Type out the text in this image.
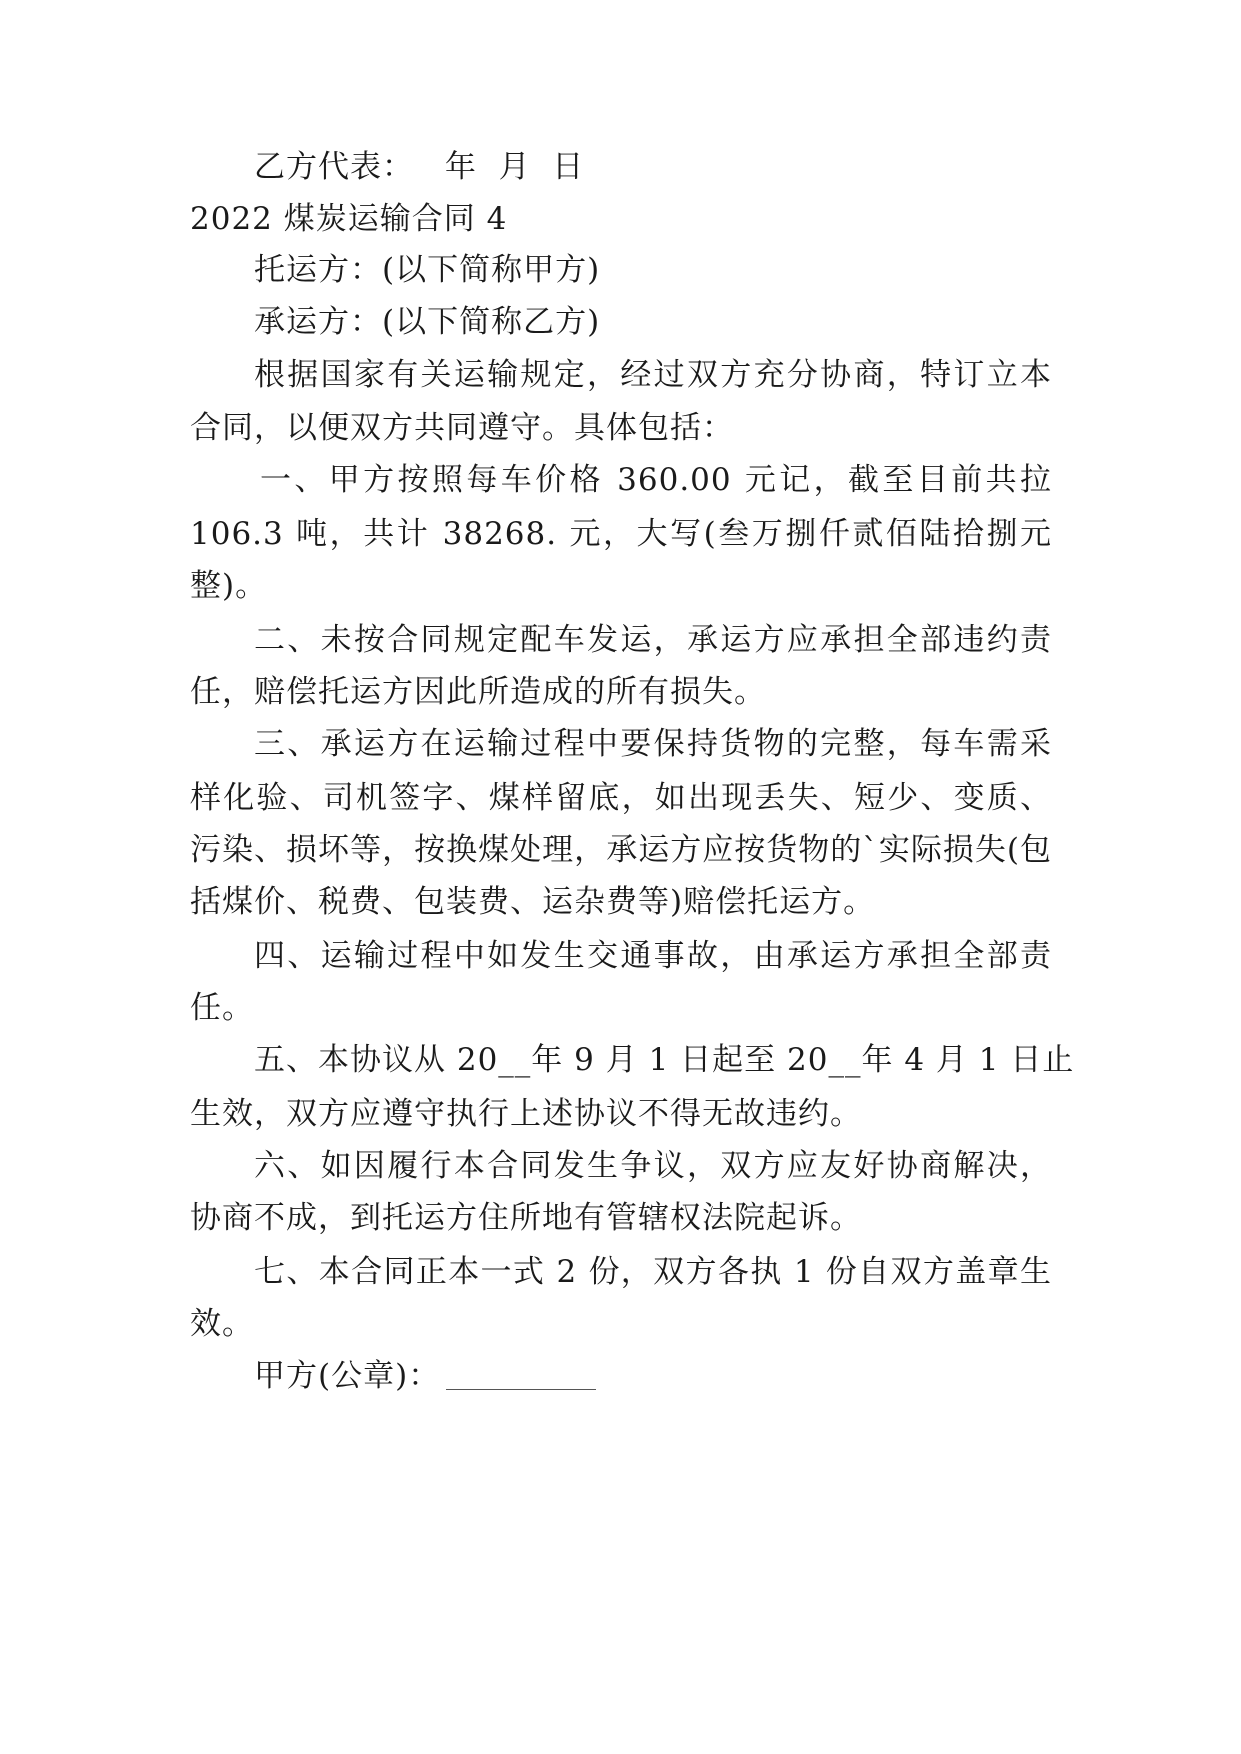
乙方代表： 年  月  日
2022 煤炭运输合同 4
托运方：(以下简称甲方)
承运方：(以下简称乙方)
根据国家有关运输规定，经过双方充分协商，特订立本
合同，以便双方共同遵守。具体包括：
一、甲方按照每车价格 360.00 元记，截至目前共拉
106.3 吨，共计 38268. 元，大写(叁万捌仟贰佰陆拾捌元
整)。
二、未按合同规定配车发运，承运方应承担全部违约责
任，赔偿托运方因此所造成的所有损失。
三、承运方在运输过程中要保持货物的完整，每车需采
样化验、司机签字、煤样留底，如出现丢失、短少、变质、
污染、损坏等，按换煤处理，承运方应按货物的`实际损失(包
括煤价、税费、包装费、运杂费等)赔偿托运方。
四、运输过程中如发生交通事故，由承运方承担全部责
任。
五、本协议从 20__年 9 月 1 日起至 20__年 4 月 1 日止
生效，双方应遵守执行上述协议不得无故违约。
六、如因履行本合同发生争议，双方应友好协商解决，
协商不成，到托运方住所地有管辖权法院起诉。
七、本合同正本一式 2 份，双方各执 1 份自双方盖章生
效。
甲方(公章)：
